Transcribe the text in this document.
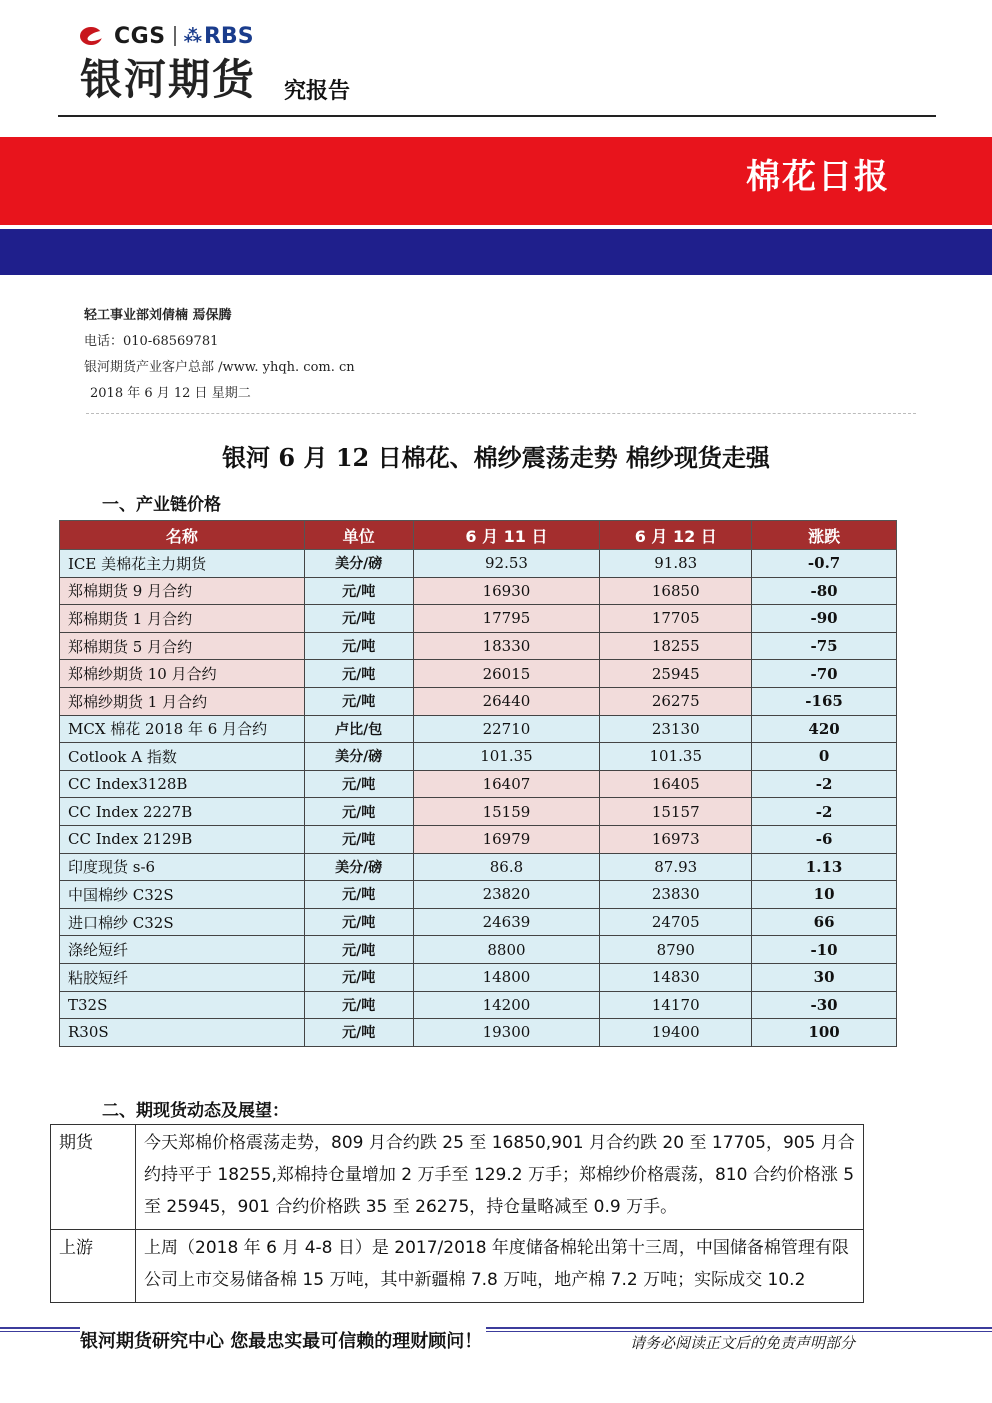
CGS ⁂ RBS
银河期货 究报告
棉花日报
轻工事业部刘倩楠 焉保腾
电话：010-68569781
银河期货产业客户总部 /www. yhqh. com. cn
2018 年 6 月 12 日 星期二
银河 6 月 12 日棉花、棉纱震荡走势 棉纱现货走强
一、产业链价格
名称	单位	6 月 11 日	6 月 12 日	涨跌
ICE 美棉花主力期货	美分/磅	92.53	91.83	-0.7
郑棉期货 9 月合约	元/吨	16930	16850	-80
郑棉期货 1 月合约	元/吨	17795	17705	-90
郑棉期货 5 月合约	元/吨	18330	18255	-75
郑棉纱期货 10 月合约	元/吨	26015	25945	-70
郑棉纱期货 1 月合约	元/吨	26440	26275	-165
MCX 棉花 2018 年 6 月合约	卢比/包	22710	23130	420
Cotlook A 指数	美分/磅	101.35	101.35	0
CC Index3128B	元/吨	16407	16405	-2
CC Index 2227B	元/吨	15159	15157	-2
CC Index 2129B	元/吨	16979	16973	-6
印度现货 s-6	美分/磅	86.8	87.93	1.13
中国棉纱 C32S	元/吨	23820	23830	10
进口棉纱 C32S	元/吨	24639	24705	66
涤纶短纤	元/吨	8800	8790	-10
粘胶短纤	元/吨	14800	14830	30
T32S	元/吨	14200	14170	-30
R30S	元/吨	19300	19400	100
二、期现货动态及展望：
期货	今天郑棉价格震荡走势，809 月合约跌 25 至 16850,901 月合约跌 20 至 17705，905 月合约持平于 18255,郑棉持仓量增加 2 万手至 129.2 万手；郑棉纱价格震荡，810 合约价格涨 5 至 25945，901 合约价格跌 35 至 26275，持仓量略减至 0.9 万手。
上游	上周（2018 年 6 月 4-8 日）是 2017/2018 年度储备棉轮出第十三周，中国储备棉管理有限公司上市交易储备棉 15 万吨，其中新疆棉 7.8 万吨，地产棉 7.2 万吨；实际成交 10.2
银河期货研究中心 您最忠实最可信赖的理财顾问！	请务必阅读正文后的免责声明部分
